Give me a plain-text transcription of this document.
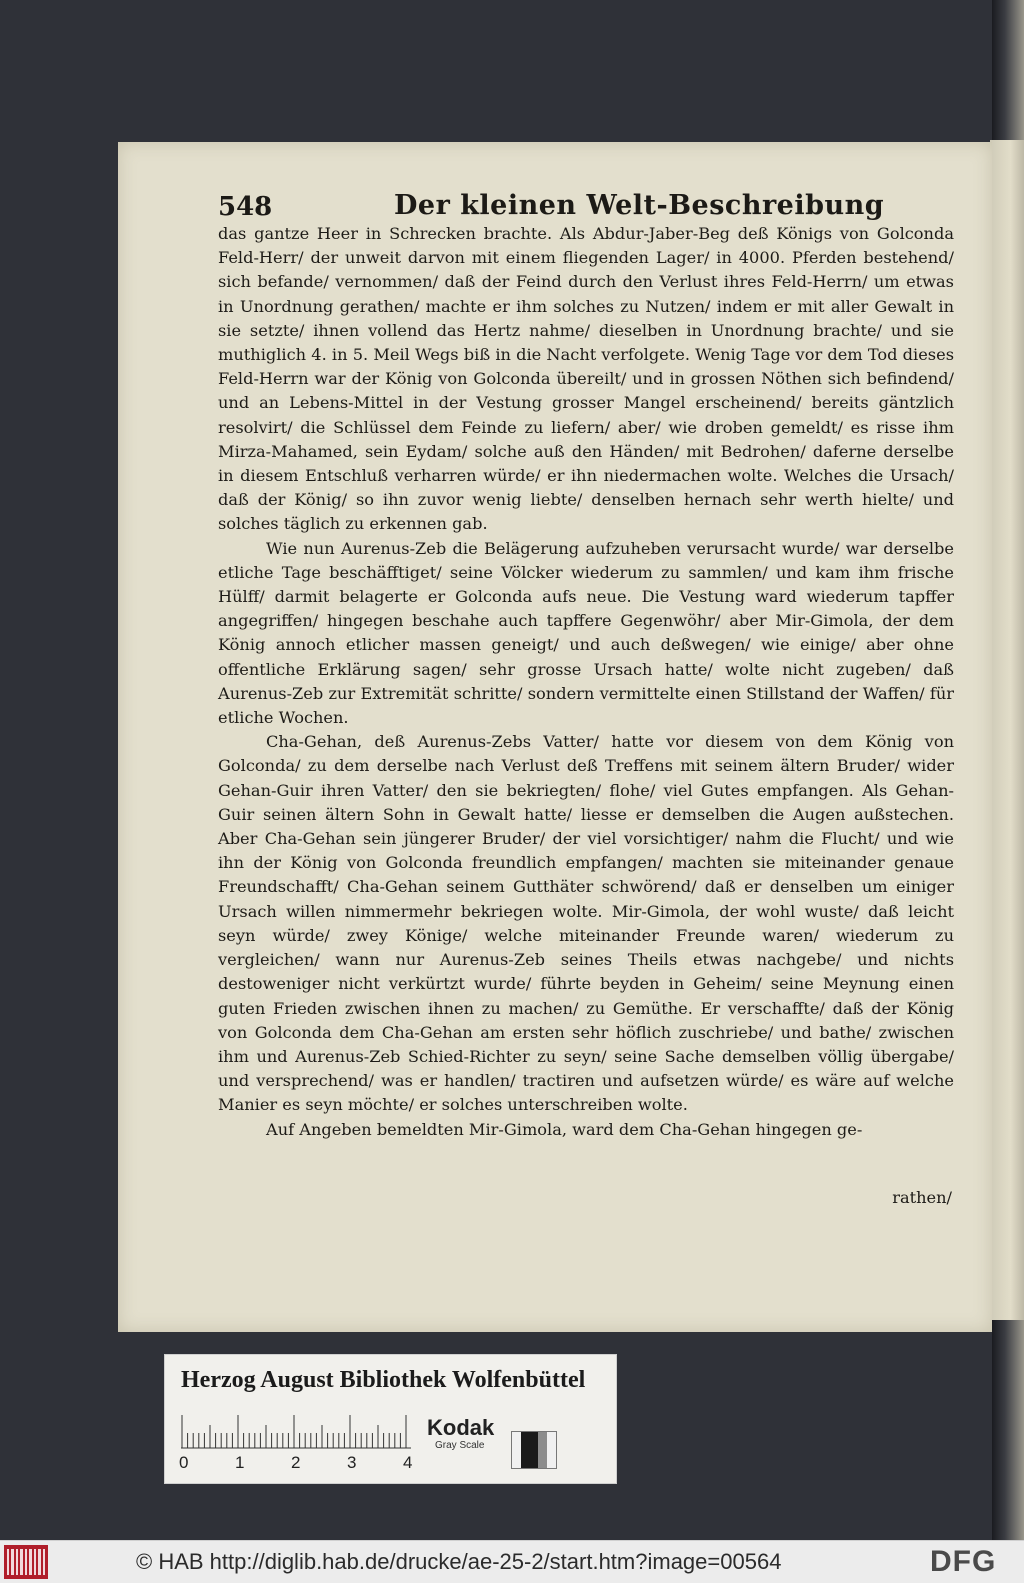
548	Der kleinen Welt-Beschreibung

das gantze Heer in Schrecken brachte. Als Abdur-Jaber-Beg deß Königs von Golconda Feld-Herr/ der unweit darvon mit einem fliegenden Lager/ in 4000. Pferden bestehend/ sich befande/ vernommen/ daß der Feind durch den Verlust ihres Feld-Herrn/ um etwas in Unordnung gerathen/ machte er ihm solches zu Nutzen/ indem er mit aller Gewalt in sie setzte/ ihnen vollend das Hertz nahme/ dieselben in Unordnung brachte/ und sie muthiglich 4. in 5. Meil Wegs biß in die Nacht verfolgete. Wenig Tage vor dem Tod dieses Feld-Herrn war der König von Golconda übereilt/ und in grossen Nöthen sich befindend/ und an Lebens-Mittel in der Vestung grosser Mangel erscheinend/ bereits gäntzlich resolvirt/ die Schlüssel dem Feinde zu liefern/ aber/ wie droben gemeldt/ es risse ihm Mirza-Mahamed, sein Eydam/ solche auß den Händen/ mit Bedrohen/ daferne derselbe in diesem Entschluß verharren würde/ er ihn niedermachen wolte. Welches die Ursach/ daß der König/ so ihn zuvor wenig liebte/ denselben hernach sehr werth hielte/ und solches täglich zu erkennen gab.

Wie nun Aurenus-Zeb die Belägerung aufzuheben verursacht wurde/ war derselbe etliche Tage beschäfftiget/ seine Völcker wiederum zu sammlen/ und kam ihm frische Hülff/ darmit belagerte er Golconda aufs neue. Die Vestung ward wiederum tapffer angegriffen/ hingegen beschahe auch tapffere Gegenwöhr/ aber Mir-Gimola, der dem König annoch etlicher massen geneigt/ und auch deßwegen/ wie einige/ aber ohne offentliche Erklärung sagen/ sehr grosse Ursach hatte/ wolte nicht zugeben/ daß Aurenus-Zeb zur Extremität schritte/ sondern vermittelte einen Stillstand der Waffen/ für etliche Wochen.

Cha-Gehan, deß Aurenus-Zebs Vatter/ hatte vor diesem von dem König von Golconda/ zu dem derselbe nach Verlust deß Treffens mit seinem ältern Bruder/ wider Gehan-Guir ihren Vatter/ den sie bekriegten/ flohe/ viel Gutes empfangen. Als Gehan-Guir seinen ältern Sohn in Gewalt hatte/ liesse er demselben die Augen außstechen. Aber Cha-Gehan sein jüngerer Bruder/ der viel vorsichtiger/ nahm die Flucht/ und wie ihn der König von Golconda freundlich empfangen/ machten sie miteinander genaue Freundschafft/ Cha-Gehan seinem Gutthäter schwörend/ daß er denselben um einiger Ursach willen nimmermehr bekriegen wolte. Mir-Gimola, der wohl wuste/ daß leicht seyn würde/ zwey Könige/ welche miteinander Freunde waren/ wiederum zu vergleichen/ wann nur Aurenus-Zeb seines Theils etwas nachgebe/ und nichts destoweniger nicht verkürtzt wurde/ führte beyden in Geheim/ seine Meynung einen guten Frieden zwischen ihnen zu machen/ zu Gemüthe. Er verschaffte/ daß der König von Golconda dem Cha-Gehan am ersten sehr höflich zuschriebe/ und bathe/ zwischen ihm und Aurenus-Zeb Schied-Richter zu seyn/ seine Sache demselben völlig übergabe/ und versprechend/ was er handlen/ tractiren und aufsetzen würde/ es wäre auf welche Manier es seyn möchte/ er solches unterschreiben wolte.

Auf Angeben bemeldten Mir-Gimola, ward dem Cha-Gehan hingegen ge-

rathen/
Herzog August Bibliothek Wolfenbüttel
0	1	2	3	4
Kodak
Gray Scale
© HAB http://diglib.hab.de/drucke/ae-25-2/start.htm?image=00564	DFG
